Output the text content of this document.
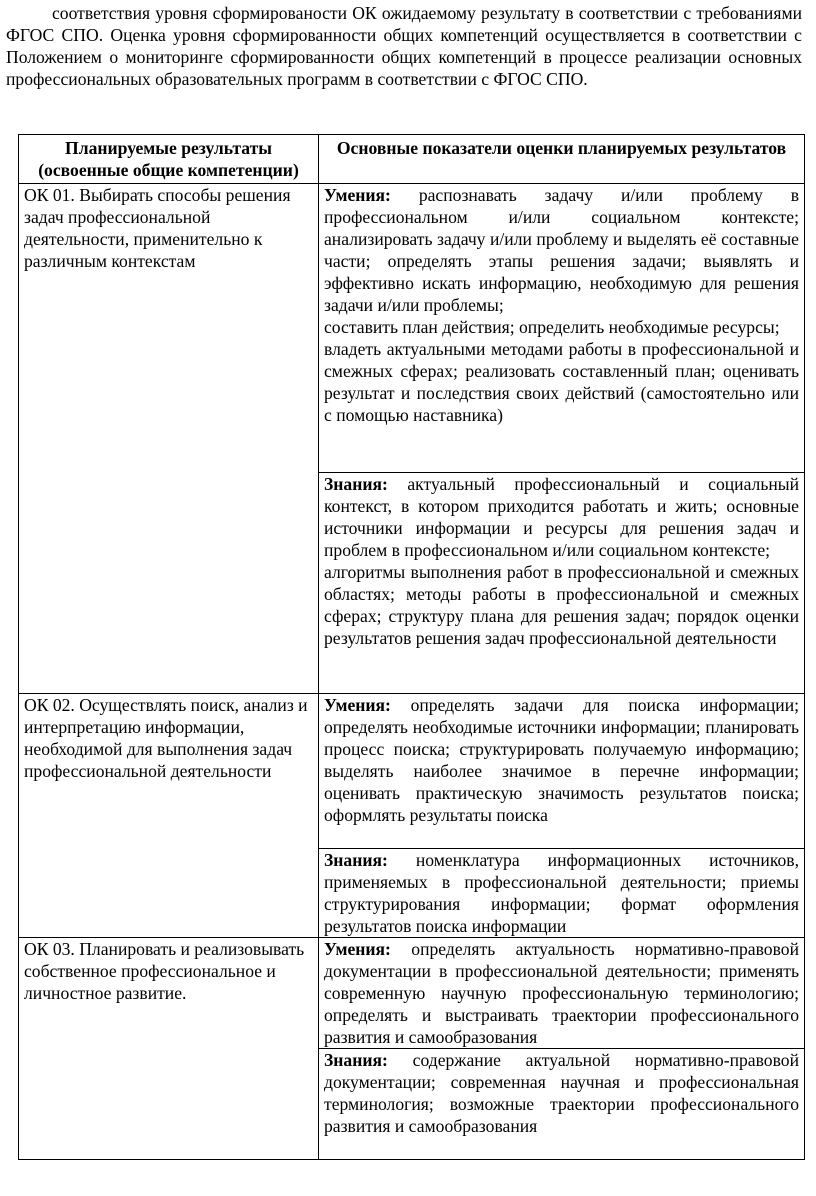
соответствия уровня сформированости ОК ожидаемому результату в соответствии с требованиями ФГОС СПО. Оценка уровня сформированности общих компетенций осуществляется в соответствии с Положением о мониторинге сформированности общих компетенций в процессе реализации основных профессиональных образовательных программ в соответствии с ФГОС СПО.

Планируемые результаты (освоенные общие компетенции)	Основные показатели оценки планируемых результатов
ОК 01. Выбирать способы решения задач профессиональной деятельности, применительно к различным контекстам	Умения: распознавать задачу и/или проблему в профессиональном и/или социальном контексте; анализировать задачу и/или проблему и выделять её составные части; определять этапы решения задачи; выявлять и эффективно искать информацию, необходимую для решения задачи и/или проблемы;

составить план действия; определить необходимые ресурсы;

владеть актуальными методами работы в профессиональной и смежных сферах; реализовать составленный план; оценивать результат и последствия своих действий (самостоятельно или с помощью наставника)

	Знания: актуальный профессиональный и социальный контекст, в котором приходится работать и жить; основные источники информации и ресурсы для решения задач и проблем в профессиональном и/или социальном контексте;

алгоритмы выполнения работ в профессиональной и смежных областях; методы работы в профессиональной и смежных сферах; структуру плана для решения задач; порядок оценки результатов решения задач профессиональной деятельности

ОК 02. Осуществлять поиск, анализ и интерпретацию информации, необходимой для выполнения задач профессиональной деятельности	Умения: определять задачи для поиска информации; определять необходимые источники информации; планировать процесс поиска; структурировать получаемую информацию; выделять наиболее значимое в перечне информации; оценивать практическую значимость результатов поиска; оформлять результаты поиска

	Знания: номенклатура информационных источников, применяемых в профессиональной деятельности; приемы структурирования информации; формат оформления результатов поиска информации

ОК 03. Планировать и реализовывать собственное профессиональное и личностное развитие.	Умения: определять актуальность нормативно-правовой документации в профессиональной деятельности; применять современную научную профессиональную терминологию; определять и выстраивать траектории профессионального развития и самообразования

	Знания: содержание актуальной нормативно-правовой документации; современная научная и профессиональная терминология; возможные траектории профессионального развития и самообразования
